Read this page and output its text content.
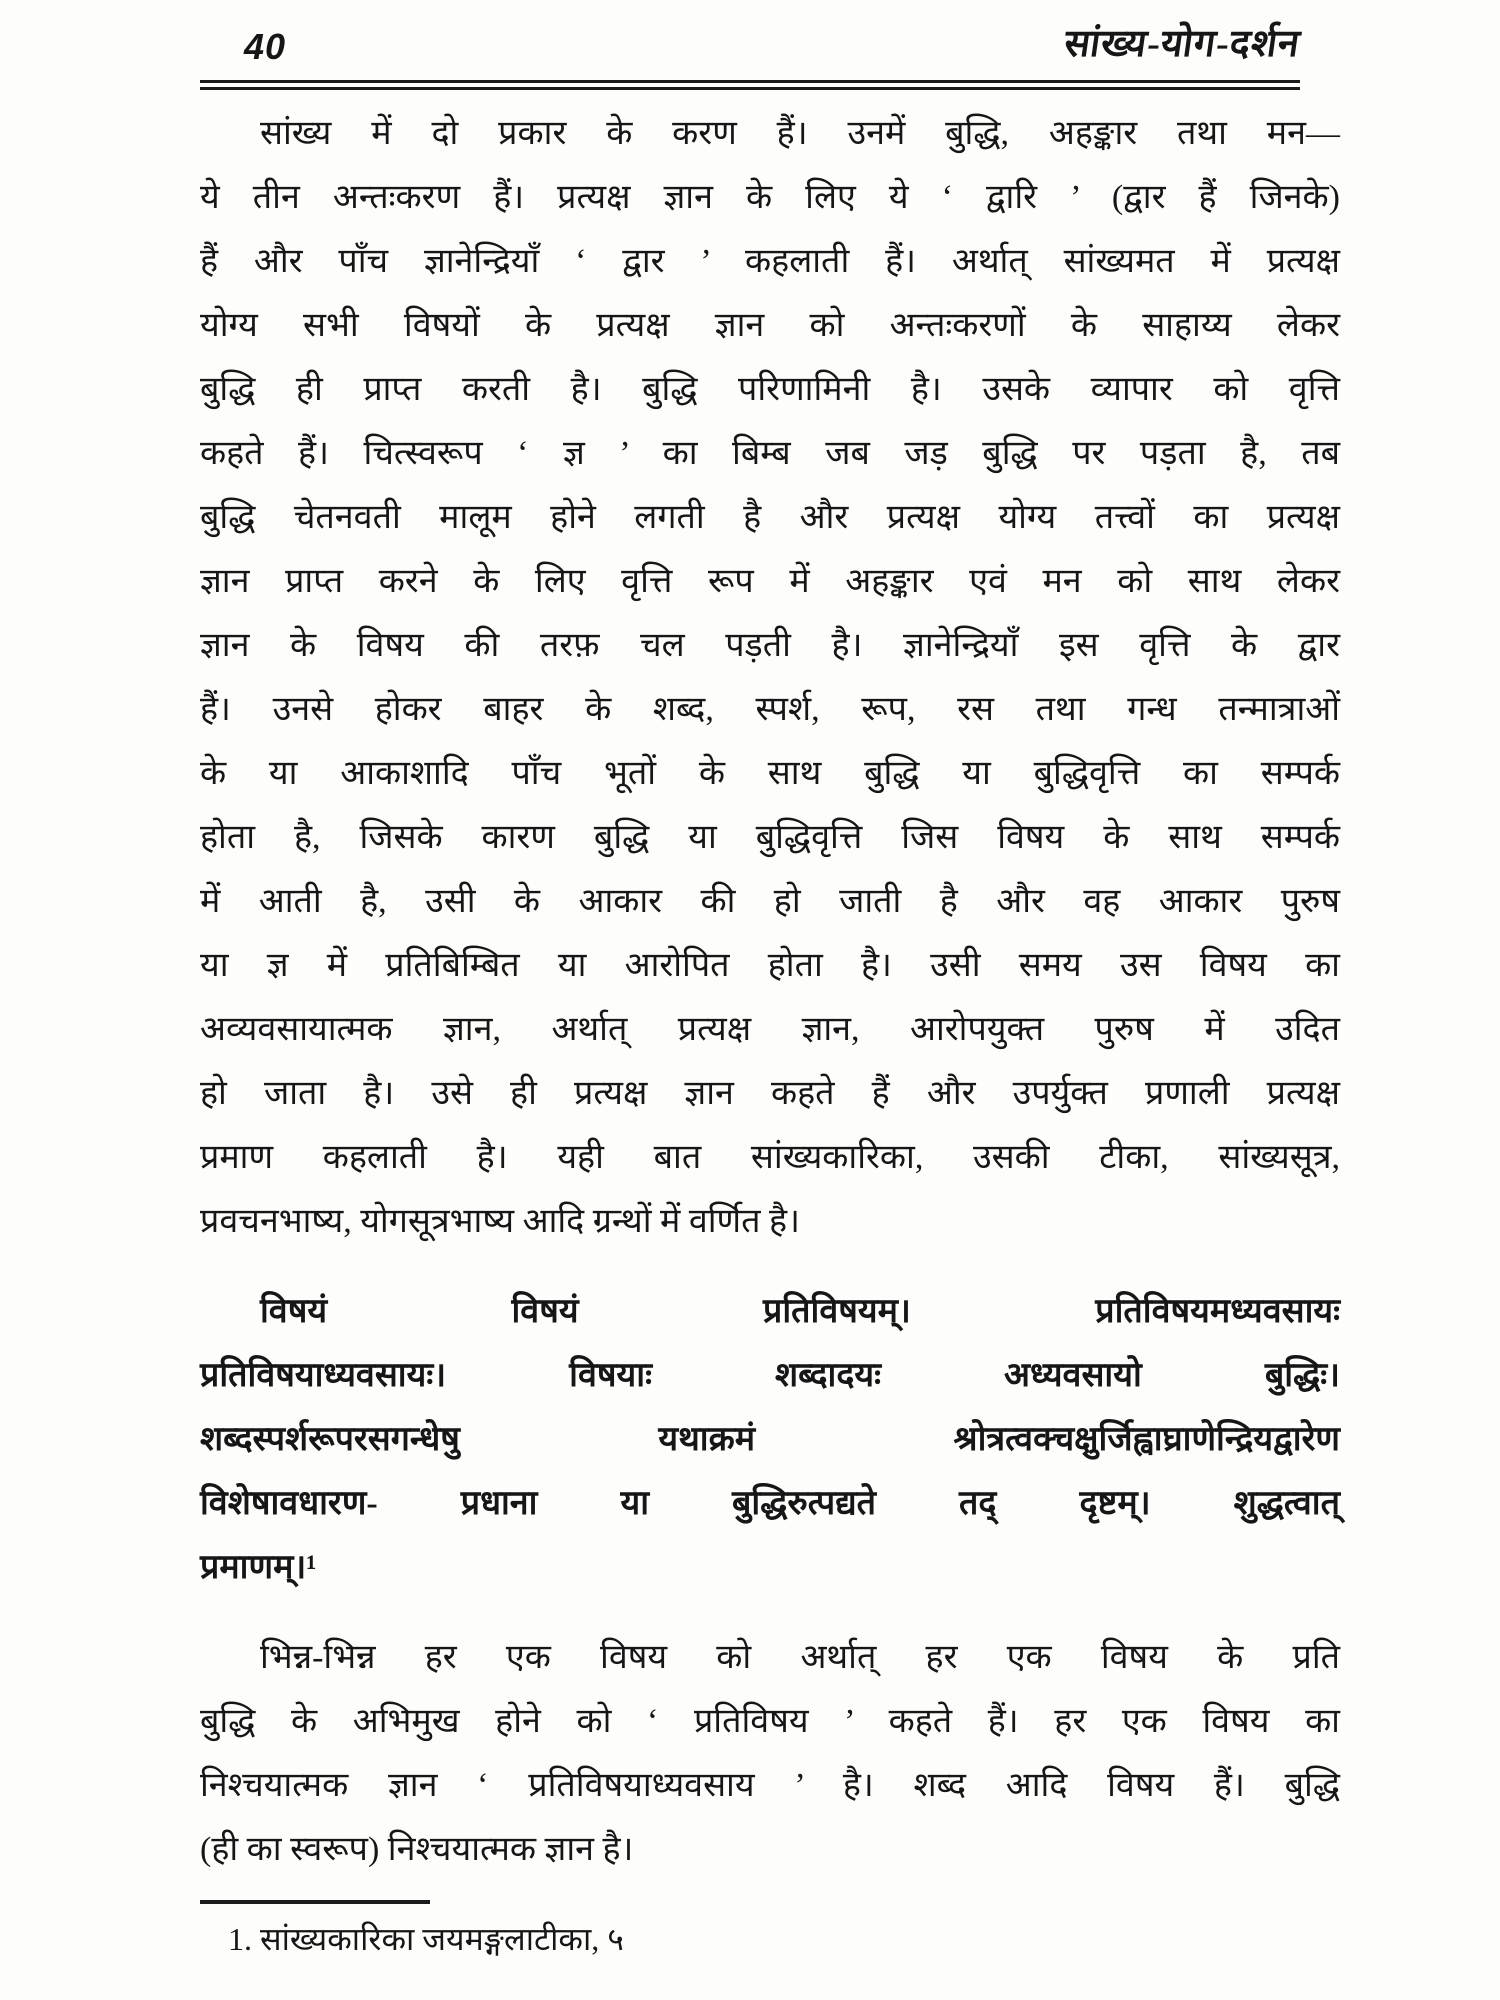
40	सांख्य-योग-दर्शन
सांख्य में दो प्रकार के करण हैं। उनमें बुद्धि, अहङ्कार तथा मन—
ये तीन अन्तःकरण हैं। प्रत्यक्ष ज्ञान के लिए ये ‘ द्वारि ’ (द्वार हैं जिनके)
हैं और पाँच ज्ञानेन्द्रियाँ ‘ द्वार ’ कहलाती हैं। अर्थात् सांख्यमत में प्रत्यक्ष
योग्य सभी विषयों के प्रत्यक्ष ज्ञान को अन्तःकरणों के साहाय्य लेकर
बुद्धि ही प्राप्त करती है। बुद्धि परिणामिनी है। उसके व्यापार को वृत्ति
कहते हैं। चित्स्वरूप ‘ ज्ञ ’ का बिम्ब जब जड़ बुद्धि पर पड़ता है, तब
बुद्धि चेतनवती मालूम होने लगती है और प्रत्यक्ष योग्य तत्त्वों का प्रत्यक्ष
ज्ञान प्राप्त करने के लिए वृत्ति रूप में अहङ्कार एवं मन को साथ लेकर
ज्ञान के विषय की तरफ़ चल पड़ती है। ज्ञानेन्द्रियाँ इस वृत्ति के द्वार
हैं। उनसे होकर बाहर के शब्द, स्पर्श, रूप, रस तथा गन्ध तन्मात्राओं
के या आकाशादि पाँच भूतों के साथ बुद्धि या बुद्धिवृत्ति का सम्पर्क
होता है, जिसके कारण बुद्धि या बुद्धिवृत्ति जिस विषय के साथ सम्पर्क
में आती है, उसी के आकार की हो जाती है और वह आकार पुरुष
या ज्ञ में प्रतिबिम्बित या आरोपित होता है। उसी समय उस विषय का
अव्यवसायात्मक ज्ञान, अर्थात् प्रत्यक्ष ज्ञान, आरोपयुक्त पुरुष में उदित
हो जाता है। उसे ही प्रत्यक्ष ज्ञान कहते हैं और उपर्युक्त प्रणाली प्रत्यक्ष
प्रमाण कहलाती है। यही बात सांख्यकारिका, उसकी टीका, सांख्यसूत्र,
प्रवचनभाष्य, योगसूत्रभाष्य आदि ग्रन्थों में वर्णित है।
विषयं विषयं प्रतिविषयम्। प्रतिविषयमध्यवसायः
प्रतिविषयाध्यवसायः। विषयाः शब्दादयः अध्यवसायो बुद्धिः।
शब्दस्पर्शरूपरसगन्धेषु यथाक्रमं श्रोत्रत्वक्चक्षुर्जिह्वाघ्राणेन्द्रियद्वारेण
विशेषावधारण- प्रधाना या बुद्धिरुत्पद्यते तद् दृष्टम्। शुद्धत्वात्
प्रमाणम्।¹
भिन्न-भिन्न हर एक विषय को अर्थात् हर एक विषय के प्रति
बुद्धि के अभिमुख होने को ‘ प्रतिविषय ’ कहते हैं। हर एक विषय का
निश्चयात्मक ज्ञान ‘ प्रतिविषयाध्यवसाय ’ है। शब्द आदि विषय हैं। बुद्धि
(ही का स्वरूप) निश्चयात्मक ज्ञान है।
1. सांख्यकारिका जयमङ्गलाटीका, ५
